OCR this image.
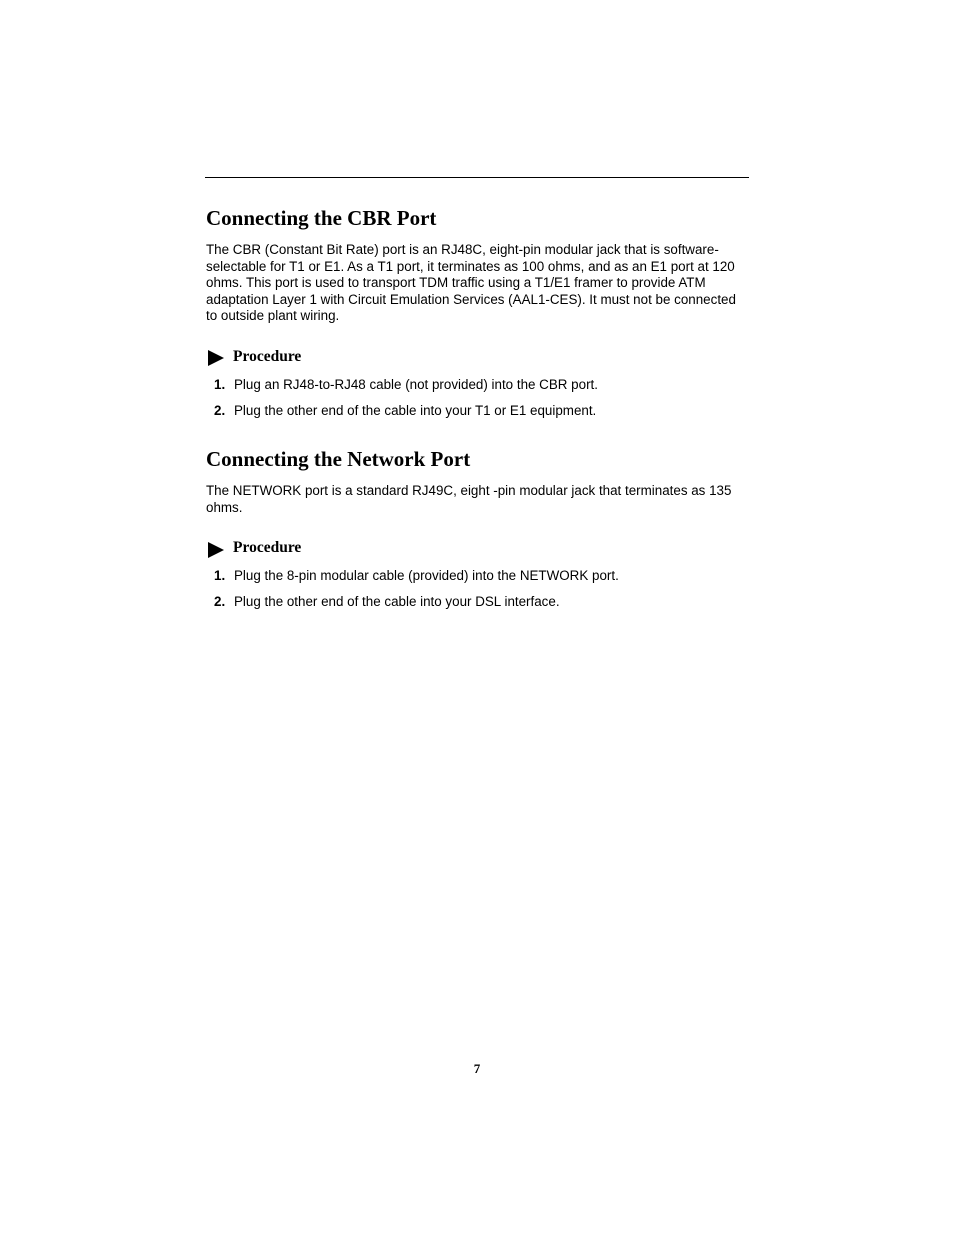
Connecting the CBR Port

The CBR (Constant Bit Rate) port is an RJ48C, eight-pin modular jack that is software-selectable for T1 or E1. As a T1 port, it terminates as 100 ohms, and as an E1 port at 120 ohms. This port is used to transport TDM traffic using a T1/E1 framer to provide ATM adaptation Layer 1 with Circuit Emulation Services (AAL1-CES). It must not be connected to outside plant wiring.

Procedure
1. Plug an RJ48-to-RJ48 cable (not provided) into the CBR port.
2. Plug the other end of the cable into your T1 or E1 equipment.
Connecting the Network Port

The NETWORK port is a standard RJ49C, eight -pin modular jack that terminates as 135 ohms.

Procedure
1. Plug the 8-pin modular cable (provided) into the NETWORK port.
2. Plug the other end of the cable into your DSL interface.
7
